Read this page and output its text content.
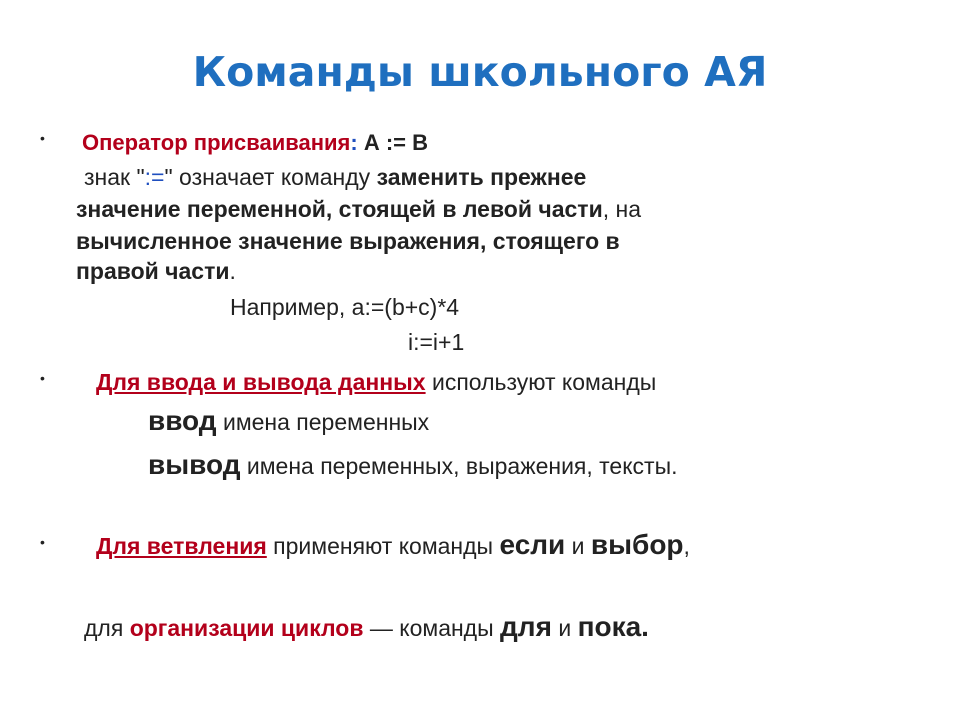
Команды школьного АЯ
• Оператор присваивания: А := В
знак ":=" означает команду заменить прежнее
значение переменной, стоящей в левой части, на
вычисленное значение выражения, стоящего в
правой части.
Например, a:=(b+c)*4
i:=i+1
• Для ввода и вывода данных используют команды
ввод имена переменных
вывод имена переменных, выражения, тексты.
• Для ветвления применяют команды если и выбор,
для организации циклов — команды для и пока.
